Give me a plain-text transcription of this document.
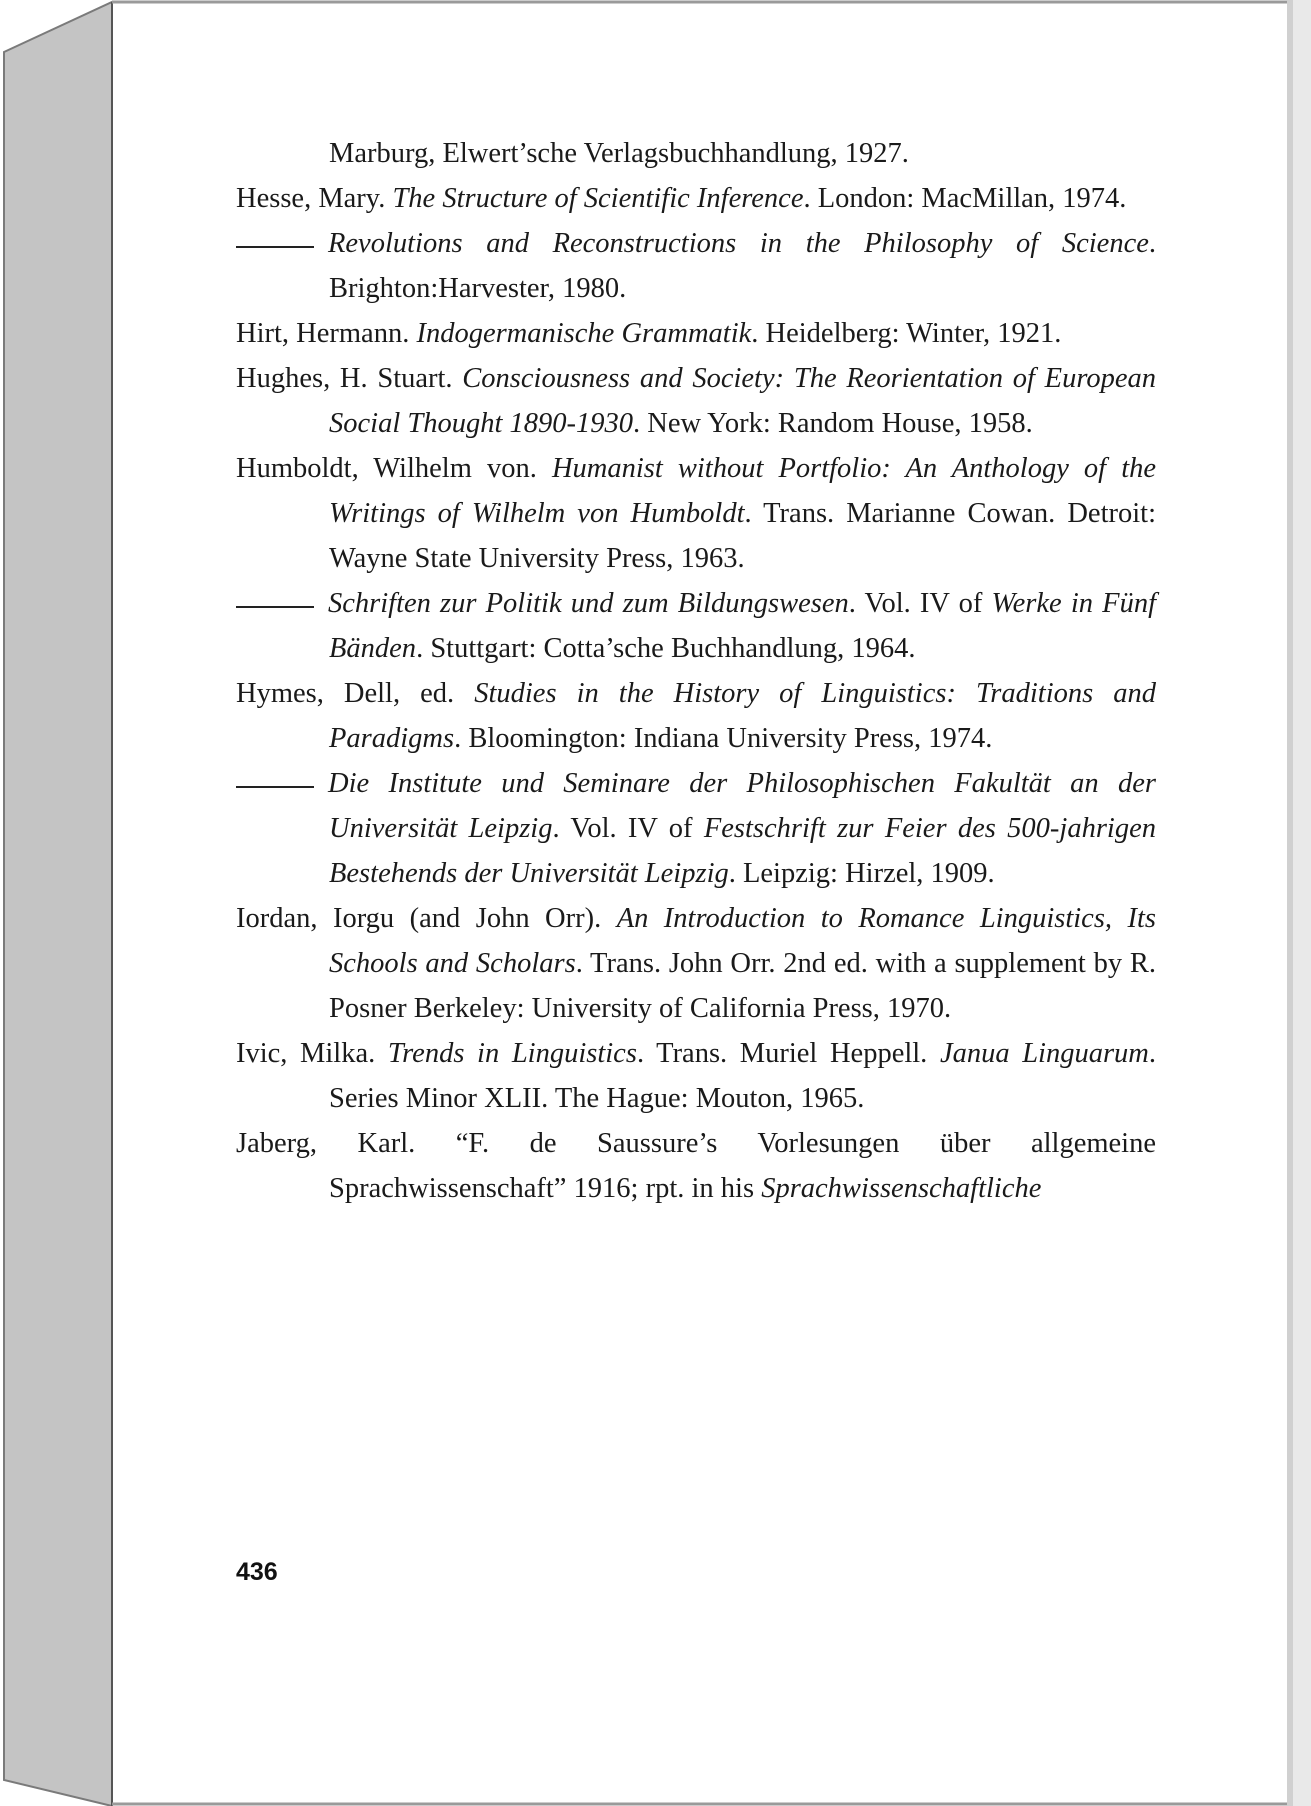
Marburg, Elwert’sche Verlagsbuchhandlung, 1927.

Hesse, Mary. The Structure of Scientific Inference. London: MacMillan, 1974.

Revolutions and Reconstructions in the Philosophy of Science. Brighton:Harvester, 1980.

Hirt, Hermann. Indogermanische Grammatik. Heidelberg: Winter, 1921.

Hughes, H. Stuart. Consciousness and Society: The Reorientation of European Social Thought 1890-1930. New York: Random House, 1958.

Humboldt, Wilhelm von. Humanist without Portfolio: An Anthology of the Writings of Wilhelm von Humboldt. Trans. Marianne Cowan. Detroit: Wayne State University Press, 1963.

Schriften zur Politik und zum Bildungswesen. Vol. IV of Werke in Fünf Bänden. Stuttgart: Cotta’sche Buchhandlung, 1964.

Hymes, Dell, ed. Studies in the History of Linguistics: Traditions and Paradigms. Bloomington: Indiana University Press, 1974.

Die Institute und Seminare der Philosophischen Fakultät an der Universität Leipzig. Vol. IV of Festschrift zur Feier des 500-jahrigen Bestehends der Universität Leipzig. Leipzig: Hirzel, 1909.

Iordan, Iorgu (and John Orr). An Introduction to Romance Linguistics, Its Schools and Scholars. Trans. John Orr. 2nd ed. with a supplement by R. Posner Berkeley: University of California Press, 1970.

Ivic, Milka. Trends in Linguistics. Trans. Muriel Heppell. Janua Linguarum. Series Minor XLII. The Hague: Mouton, 1965.

Jaberg, Karl. “F. de Saussure’s Vorlesungen über allgemeine Sprachwissenschaft” 1916; rpt. in his Sprachwissenschaftliche

436
